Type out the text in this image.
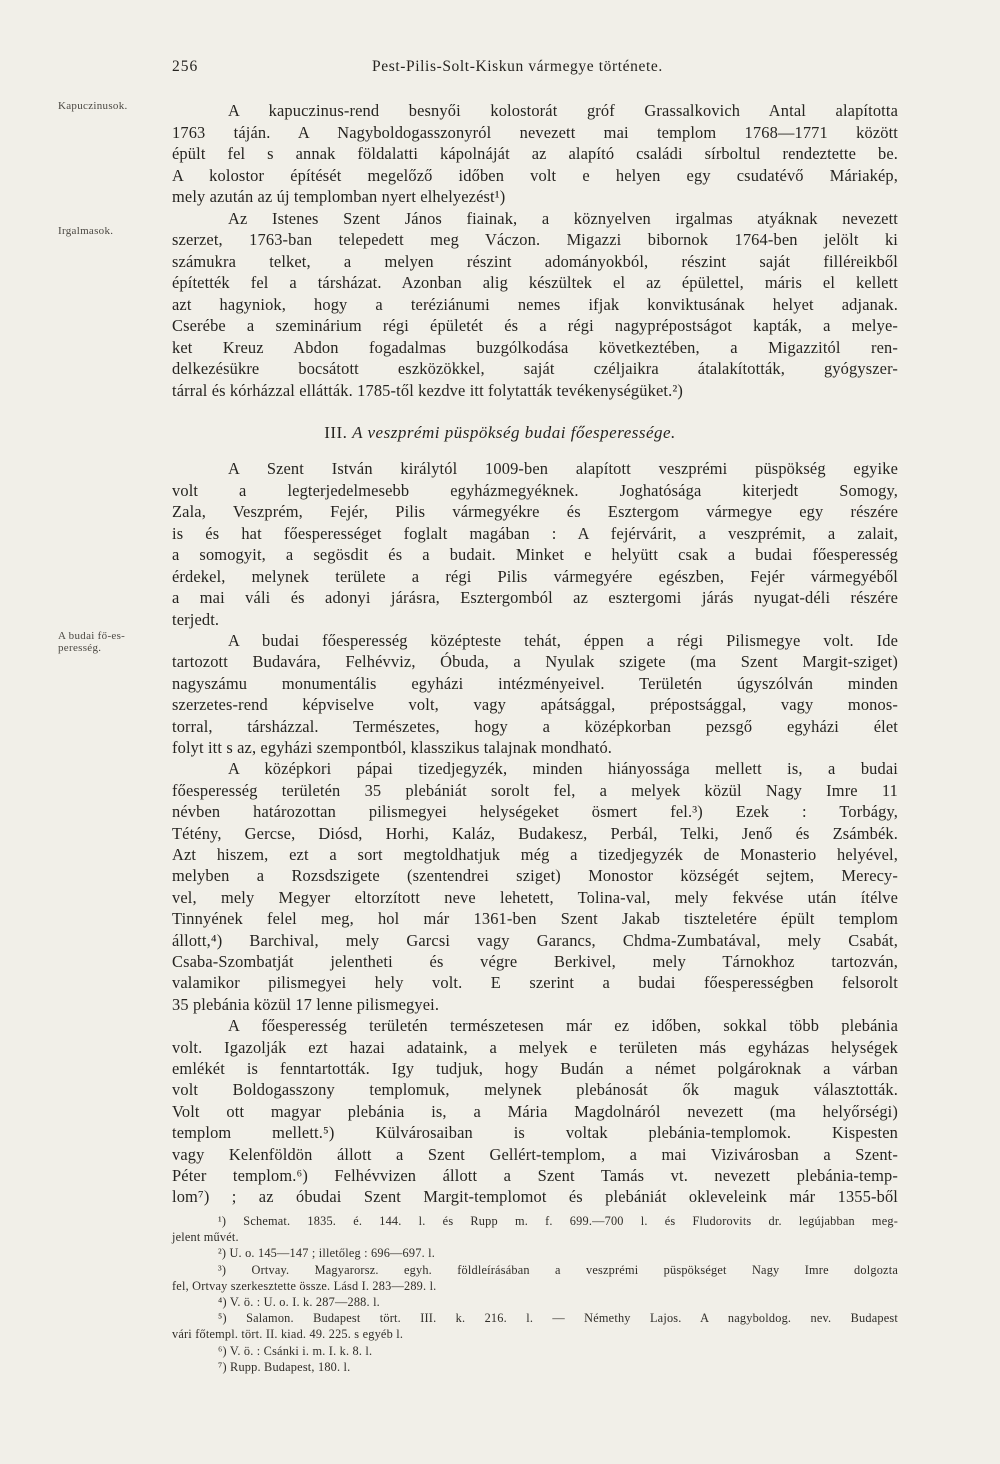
256	Pest-Pilis-Solt-Kiskun vármegye története.
Kapuczinusok.
Irgalmasok.
A budai fő-es-peresség.
A kapuczinus-rend besnyői kolostorát gróf Grassalkovich Antal alapította
1763 táján. A Nagyboldogasszonyról nevezett mai templom 1768—1771 között
épült fel s annak földalatti kápolnáját az alapító családi sírboltul rendeztette be.
A kolostor építését megelőző időben volt e helyen egy csudatévő Máriakép,
mely azután az új templomban nyert elhelyezést¹)
Az Istenes Szent János fiainak, a köznyelven irgalmas atyáknak nevezett
szerzet, 1763-ban telepedett meg Váczon. Migazzi bibornok 1764-ben jelölt ki
számukra telket, a melyen részint adományokból, részint saját filléreikből
építették fel a társházat. Azonban alig készültek el az épülettel, máris el kellett
azt hagyniok, hogy a teréziánumi nemes ifjak konviktusának helyet adjanak.
Cserébe a szeminárium régi épületét és a régi nagyprépostságot kapták, a melye-
ket Kreuz Abdon fogadalmas buzgólkodása következtében, a Migazzitól ren-
delkezésükre bocsátott eszközökkel, saját czéljaikra átalakították, gyógyszer-
tárral és kórházzal ellátták. 1785-től kezdve itt folytatták tevékenységüket.²)
A Szent István királytól 1009-ben alapított veszprémi püspökség egyike
volt a legterjedelmesebb egyházmegyéknek. Joghatósága kiterjedt Somogy,
Zala, Veszprém, Fejér, Pilis vármegyékre és Esztergom vármegye egy részére
is és hat főesperességet foglalt magában : A fejérvárit, a veszprémit, a zalait,
a somogyit, a segösdit és a budait. Minket e helyütt csak a budai főesperesség
érdekel, melynek területe a régi Pilis vármegyére egészben, Fejér vármegyéből
a mai váli és adonyi járásra, Esztergomból az esztergomi járás nyugat-déli részére
terjedt.
A budai főesperesség középteste tehát, éppen a régi Pilismegye volt. Ide
tartozott Budavára, Felhévviz, Óbuda, a Nyulak szigete (ma Szent Margit-sziget)
nagyszámu monumentális egyházi intézményeivel. Területén úgyszólván minden
szerzetes-rend képviselve volt, vagy apátsággal, prépostsággal, vagy monos-
torral, társházzal. Természetes, hogy a középkorban pezsgő egyházi élet
folyt itt s az, egyházi szempontból, klasszikus talajnak mondható.
A középkori pápai tizedjegyzék, minden hiányossága mellett is, a budai
főesperesség területén 35 plebániát sorolt fel, a melyek közül Nagy Imre 11
névben határozottan pilismegyei helységeket ösmert fel.³) Ezek : Torbágy,
Tétény, Gercse, Diósd, Horhi, Kaláz, Budakesz, Perbál, Telki, Jenő és Zsámbék.
Azt hiszem, ezt a sort megtoldhatjuk még a tizedjegyzék de Monasterio helyével,
melyben a Rozsdszigete (szentendrei sziget) Monostor községét sejtem, Merecy-
vel, mely Megyer eltorzított neve lehetett, Tolina-val, mely fekvése után ítélve
Tinnyének felel meg, hol már 1361-ben Szent Jakab tiszteletére épült templom
állott,⁴) Barchival, mely Garcsi vagy Garancs, Chdma-Zumbatával, mely Csabát,
Csaba-Szombatját jelentheti és végre Berkivel, mely Tárnokhoz tartozván,
valamikor pilismegyei hely volt. E szerint a budai főesperességben felsorolt
35 plebánia közül 17 lenne pilismegyei.
A főesperesség területén természetesen már ez időben, sokkal több plebánia
volt. Igazolják ezt hazai adataink, a melyek e területen más egyházas helységek
emlékét is fenntartották. Igy tudjuk, hogy Budán a német polgároknak a várban
volt Boldogasszony templomuk, melynek plebánosát ők maguk választották.
Volt ott magyar plebánia is, a Mária Magdolnáról nevezett (ma helyőrségi)
templom mellett.⁵) Külvárosaiban is voltak plebánia-templomok. Kispesten
vagy Kelenföldön állott a Szent Gellért-templom, a mai Vizivárosban a Szent-
Péter templom.⁶) Felhévvizen állott a Szent Tamás vt. nevezett plebánia-temp-
lom⁷) ; az óbudai Szent Margit-templomot és plebániát okleveleink már 1355-ből
III. A veszprémi püspökség budai főesperessége.
¹) Schemat. 1835. é. 144. l. és Rupp m. f. 699.—700 l. és Fludorovits dr. legújabban meg-
jelent művét.
²) U. o. 145—147 ; illetőleg : 696—697. l.
³) Ortvay. Magyarorsz. egyh. földleírásában a veszprémi püspökséget Nagy Imre dolgozta
fel, Ortvay szerkesztette össze. Lásd I. 283—289. l.
⁴) V. ö. : U. o. I. k. 287—288. l.
⁵) Salamon. Budapest tört. III. k. 216. l. — Némethy Lajos. A nagyboldog. nev. Budapest
vári főtempl. tört. II. kiad. 49. 225. s egyéb l.
⁶) V. ö. : Csánki i. m. I. k. 8. l.
⁷) Rupp. Budapest, 180. l.
